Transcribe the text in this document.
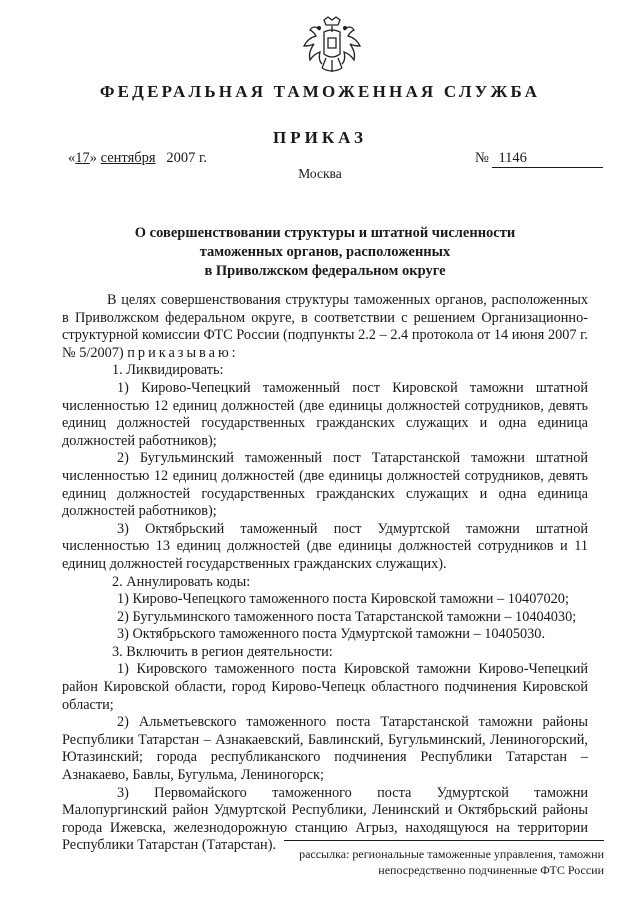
ФЕДЕРАЛЬНАЯ ТАМОЖЕННАЯ СЛУЖБА
ПРИКАЗ
«17» сентября 2007 г.	№ 1146
Москва
О совершенствовании структуры и штатной численности
таможенных органов, расположенных
в Приволжском федеральном округе

В целях совершенствования структуры таможенных органов, расположенных в Приволжском федеральном округе, в соответствии с решением Организационно-структурной комиссии ФТС России (подпункты 2.2 – 2.4 протокола от 14 июня 2007 г. № 5/2007) приказываю:

1. Ликвидировать:

1) Кирово-Чепецкий таможенный пост Кировской таможни штатной численностью 12 единиц должностей (две единицы должностей сотрудников, девять единиц должностей государственных гражданских служащих и одна единица должностей работников);

2) Бугульминский таможенный пост Татарстанской таможни штатной численностью 12 единиц должностей (две единицы должностей сотрудников, девять единиц должностей государственных гражданских служащих и одна единица должностей работников);

3) Октябрьский таможенный пост Удмуртской таможни штатной численностью 13 единиц должностей (две единицы должностей сотрудников и 11 единиц должностей государственных гражданских служащих).

2. Аннулировать коды:

1) Кирово-Чепецкого таможенного поста Кировской таможни – 10407020;

2) Бугульминского таможенного поста Татарстанской таможни – 10404030;

3) Октябрьского таможенного поста Удмуртской таможни – 10405030.

3. Включить в регион деятельности:

1) Кировского таможенного поста Кировской таможни Кирово-Чепецкий район Кировской области, город Кирово-Чепецк областного подчинения Кировской области;

2) Альметьевского таможенного поста Татарстанской таможни районы Республики Татарстан – Азнакаевский, Бавлинский, Бугульминский, Лениногорский, Ютазинский; города республиканского подчинения Республики Татарстан – Азнакаево, Бавлы, Бугульма, Лениногорск;

3) Первомайского таможенного поста Удмуртской таможни Малопургинский район Удмуртской Республики, Ленинский и Октябрьский районы города Ижевска, железнодорожную станцию Агрыз, находящуюся на территории Республики Татарстан (Татарстан).

рассылка: региональные таможенные управления, таможни
непосредственно подчиненные ФТС России
